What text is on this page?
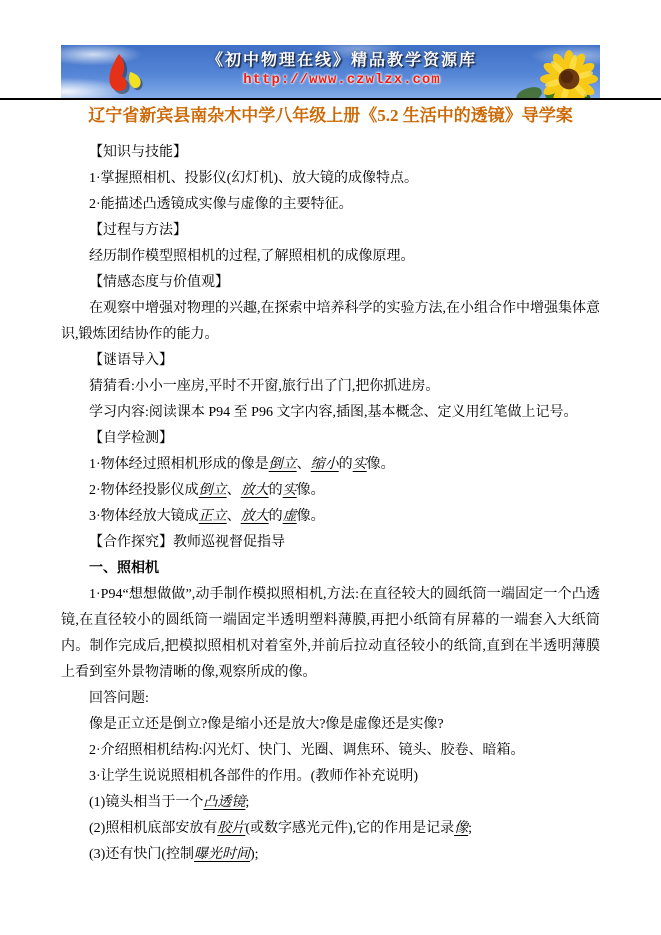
《初中物理在线》精品教学资源库
http://www.czwlzx.com
辽宁省新宾县南杂木中学八年级上册《5.2 生活中的透镜》导学案

【知识与技能】

1·掌握照相机、投影仪(幻灯机)、放大镜的成像特点。

2·能描述凸透镜成实像与虚像的主要特征。

【过程与方法】

经历制作模型照相机的过程,了解照相机的成像原理。

【情感态度与价值观】

在观察中增强对物理的兴趣,在探索中培养科学的实验方法,在小组合作中增强集体意识,锻炼团结协作的能力。

【谜语导入】

猜猜看:小小一座房,平时不开窗,旅行出了门,把你抓进房。

学习内容:阅读课本 P94 至 P96 文字内容,插图,基本概念、定义用红笔做上记号。

【自学检测】

1·物体经过照相机形成的像是倒立、缩小的实像。

2·物体经投影仪成倒立、放大的实像。

3·物体经放大镜成正立、放大的虚像。

【合作探究】教师巡视督促指导

一、照相机

1·P94“想想做做”,动手制作模拟照相机,方法:在直径较大的圆纸筒一端固定一个凸透镜,在直径较小的圆纸筒一端固定半透明塑料薄膜,再把小纸筒有屏幕的一端套入大纸筒内。制作完成后,把模拟照相机对着室外,并前后拉动直径较小的纸筒,直到在半透明薄膜上看到室外景物清晰的像,观察所成的像。

回答问题:

像是正立还是倒立?像是缩小还是放大?像是虚像还是实像?

2·介绍照相机结构:闪光灯、快门、光圈、调焦环、镜头、胶卷、暗箱。

3·让学生说说照相机各部件的作用。(教师作补充说明)

(1)镜头相当于一个凸透镜;

(2)照相机底部安放有胶片(或数字感光元件),它的作用是记录像;

(3)还有快门(控制曝光时间);
